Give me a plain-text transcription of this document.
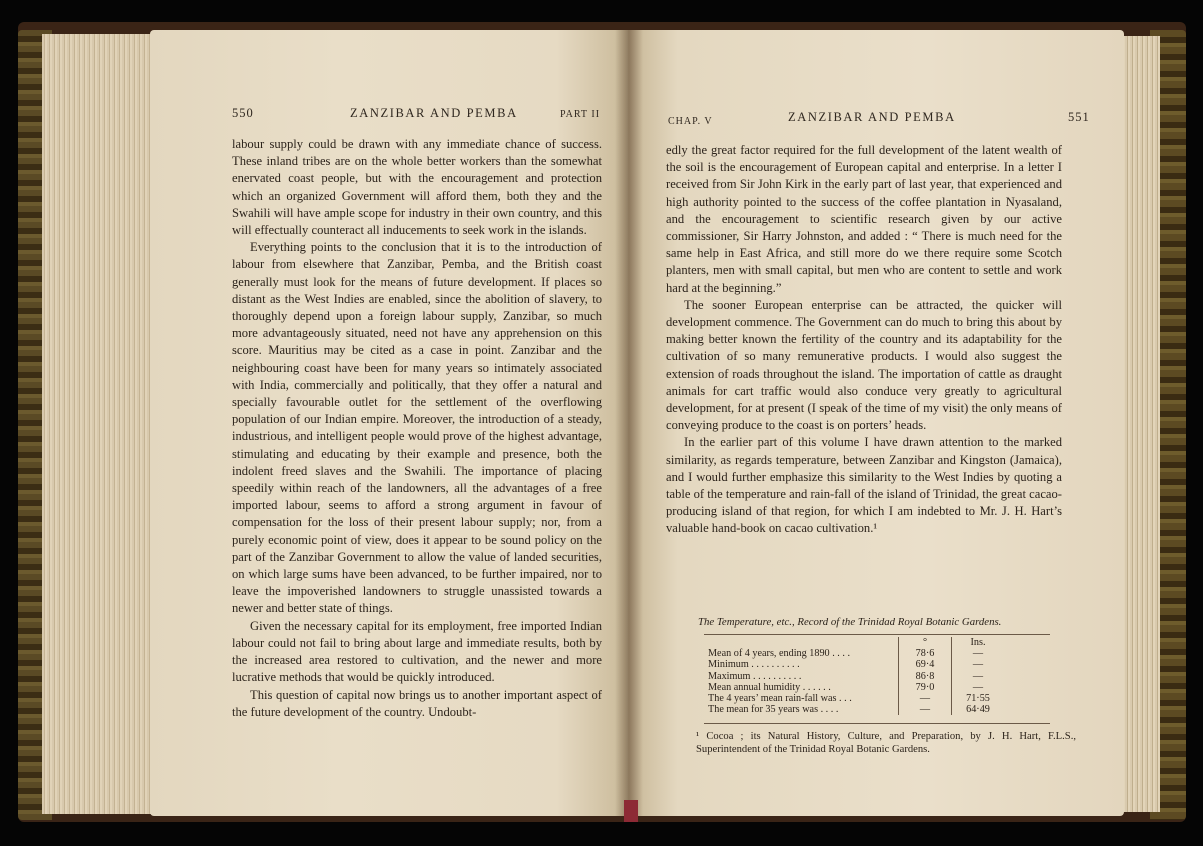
550	ZANZIBAR AND PEMBA	PART II

labour supply could be drawn with any immediate chance of success. These inland tribes are on the whole better workers than the somewhat enervated coast people, but with the encouragement and protection which an organized Government will afford them, both they and the Swahili will have ample scope for industry in their own country, and this will effectually counteract all inducements to seek work in the islands.

Everything points to the conclusion that it is to the introduction of labour from elsewhere that Zanzibar, Pemba, and the British coast generally must look for the means of future development. If places so distant as the West Indies are enabled, since the abolition of slavery, to thoroughly depend upon a foreign labour supply, Zanzibar, so much more advantageously situated, need not have any apprehension on this score. Mauritius may be cited as a case in point. Zanzibar and the neighbouring coast have been for many years so intimately associated with India, commercially and politically, that they offer a natural and specially favourable outlet for the settlement of the overflowing population of our Indian empire. Moreover, the introduction of a steady, industrious, and intelligent people would prove of the highest advantage, stimulating and educating by their example and presence, both the indolent freed slaves and the Swahili. The importance of placing speedily within reach of the landowners, all the advantages of a free imported labour, seems to afford a strong argument in favour of compensation for the loss of their present labour supply; nor, from a purely economic point of view, does it appear to be sound policy on the part of the Zanzibar Government to allow the value of landed securities, on which large sums have been advanced, to be further impaired, nor to leave the impoverished landowners to struggle unassisted towards a newer and better state of things.

Given the necessary capital for its employment, free imported Indian labour could not fail to bring about large and immediate results, both by the increased area restored to cultivation, and the newer and more lucrative methods that would be quickly introduced.

This question of capital now brings us to another important aspect of the future development of the country. Undoubt-

CHAP. V	ZANZIBAR AND PEMBA	551

edly the great factor required for the full development of the latent wealth of the soil is the encouragement of European capital and enterprise. In a letter I received from Sir John Kirk in the early part of last year, that experienced and high authority pointed to the success of the coffee plantation in Nyasaland, and the encouragement to scientific research given by our active commissioner, Sir Harry Johnston, and added : “ There is much need for the same help in East Africa, and still more do we there require some Scotch planters, men with small capital, but men who are content to settle and work hard at the beginning.”

The sooner European enterprise can be attracted, the quicker will development commence. The Government can do much to bring this about by making better known the fertility of the country and its adaptability for the cultivation of so many remunerative products. I would also suggest the extension of roads throughout the island. The importation of cattle as draught animals for cart traffic would also conduce very greatly to agricultural development, for at present (I speak of the time of my visit) the only means of conveying produce to the coast is on porters’ heads.

In the earlier part of this volume I have drawn attention to the marked similarity, as regards temperature, between Zanzibar and Kingston (Jamaica), and I would further emphasize this similarity to the West Indies by quoting a table of the temperature and rain-fall of the island of Trinidad, the great cacao-producing island of that region, for which I am indebted to Mr. J. H. Hart’s valuable hand-book on cacao cultivation.¹

The Temperature, etc., Record of the Trinidad Royal Botanic Gardens.
	°	Ins.
Mean of 4 years, ending 1890 . . . .	78·6	—
Minimum . . . . . . . . . .	69·4	—
Maximum . . . . . . . . . .	86·8	—
Mean annual humidity . . . . . .	79·0	—
The 4 years’ mean rain-fall was . . .	—	71·55
The mean for 35 years was . . . .	—	64·49
¹ Cocoa ; its Natural History, Culture, and Preparation, by J. H. Hart, F.L.S., Superintendent of the Trinidad Royal Botanic Gardens.
